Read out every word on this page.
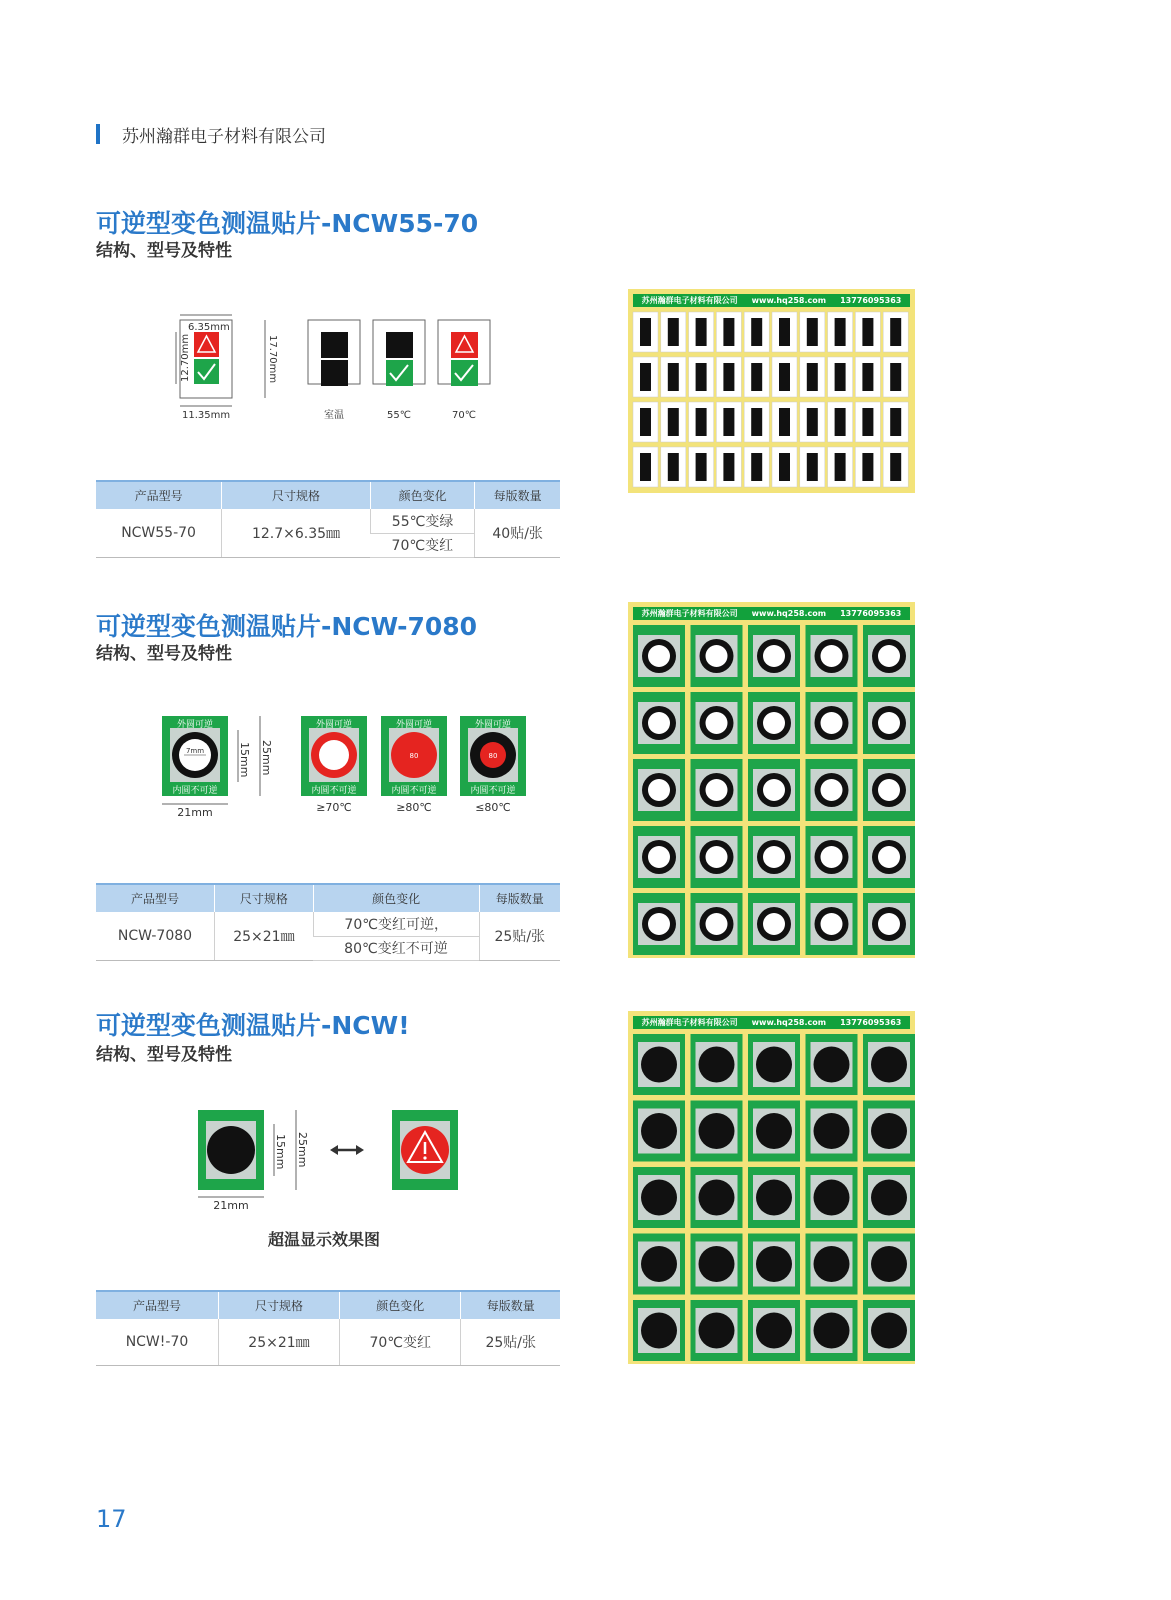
苏州瀚群电子材料有限公司
可逆型变色测温贴片-NCW55-70
结构、型号及特性
6.35mm
12.70mm	17.70mm
11.35mm	室温	55℃	70℃
产品型号	尺寸规格	颜色变化	每版数量
NCW55-70	12.7×6.35㎜	55℃变绿	40贴/张
		70℃变红	
苏州瀚群电子材料有限公司 www.hq258.com 13776095363
可逆型变色测温贴片-NCW-7080
结构、型号及特性
外圆可逆
内圆不可逆
7mm	15mm 25mm
21mm
外圆可逆
内圆不可逆
80
外圆可逆
内圆不可逆
80
外圆可逆
内圆不可逆
≥70℃	≥80℃	≤80℃
产品型号	尺寸规格	颜色变化	每版数量
NCW-7080	25×21㎜	70℃变红可逆，	25贴/张
		80℃变红不可逆	
苏州瀚群电子材料有限公司 www.hq258.com 13776095363
可逆型变色测温贴片-NCW!
结构、型号及特性
15mm 25mm
21mm
超温显示效果图
产品型号	尺寸规格	颜色变化	每版数量
NCW!-70	25×21㎜	70℃变红	25贴/张
苏州瀚群电子材料有限公司 www.hq258.com 13776095363
17
